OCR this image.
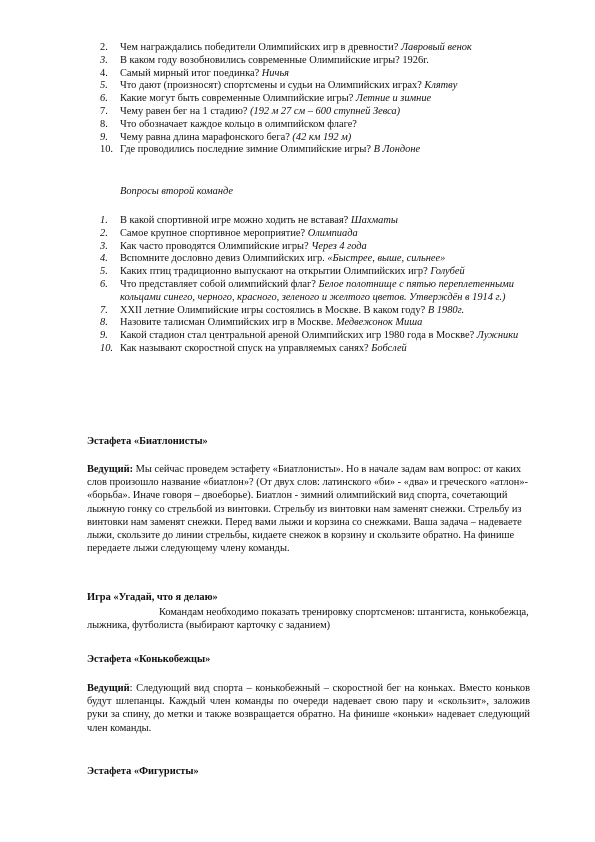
2.	Чем награждались победители Олимпийских игр в древности? Лавровый венок
3.	В каком году возобновились современные Олимпийские игры? 1926г.
4.	Самый мирный итог поединка? Ничья
5.	Что дают (произносят) спортсмены и судьи на Олимпийских играх? Клятву
6.	Какие могут быть современные Олимпийские игры? Летние и зимние
7.	Чему равен бег на 1 стадию? (192 м 27 см – 600 ступней Зевса)
8.	Что обозначает каждое кольцо в олимпийском флаге?
9.	Чему равна длина марафонского бега? (42 км 192 м)
10. Где проводились последние зимние Олимпийские игры? В Лондоне
Вопросы второй команде
1.	В какой спортивной игре можно ходить не вставая? Шахматы
2.	Самое крупное спортивное мероприятие? Олимпиада
3.	Как часто проводятся Олимпийские игры? Через 4 года
4.	Вспомните дословно девиз Олимпийских игр. «Быстрее, выше, сильнее»
5.	Каких птиц традиционно выпускают на открытии Олимпийских игр? Голубей
6.	Что представляет собой олимпийский флаг? Белое полотнище с пятью переплетенными кольцами синего, черного, красного, зеленого и желтого цветов. Утверждён в 1914 г.)
7.	XXII летние Олимпийские игры состоялись в Москве. В каком году? В 1980г.
8.	Назовите талисман Олимпийских игр в Москве. Медвежонок Миша
9.	Какой стадион стал центральной ареной Олимпийских игр 1980 года в Москве? Лужники
10. Как называют скоростной спуск на управляемых санях? Бобслей
Эстафета «Биатлонисты»
Ведущий: Мы сейчас проведем эстафету «Биатлонисты». Но в начале задам вам вопрос: от каких слов произошло название «биатлон»? (От двух слов: латинского «би» - «два» и греческого «атлон»- «борьба». Иначе говоря – двоеборье). Биатлон - зимний олимпийский вид спорта, сочетающий лыжную гонку со стрельбой из винтовки. Стрельбу из винтовки нам заменят снежки. Стрельбу из винтовки нам заменят снежки. Перед вами лыжи и корзина со снежками. Ваша задача – надеваете лыжи, скользите до линии стрельбы, кидаете снежок в корзину и скользите обратно. На финише передаете лыжи следующему члену команды.
Игра «Угадай, что я делаю»
Командам необходимо показать тренировку спортсменов: штангиста, конькобежца, лыжника, футболиста (выбирают карточку с заданием)
Эстафета «Конькобежцы»
Ведущий: Следующий вид спорта – конькобежный – скоростной бег на коньках. Вместо коньков будут шлепанцы. Каждый член команды по очереди надевает свою пару и «скользит», заложив руки за спину, до метки и также возвращается обратно. На финише «коньки» надевает следующий член команды.
Эстафета «Фигуристы»
